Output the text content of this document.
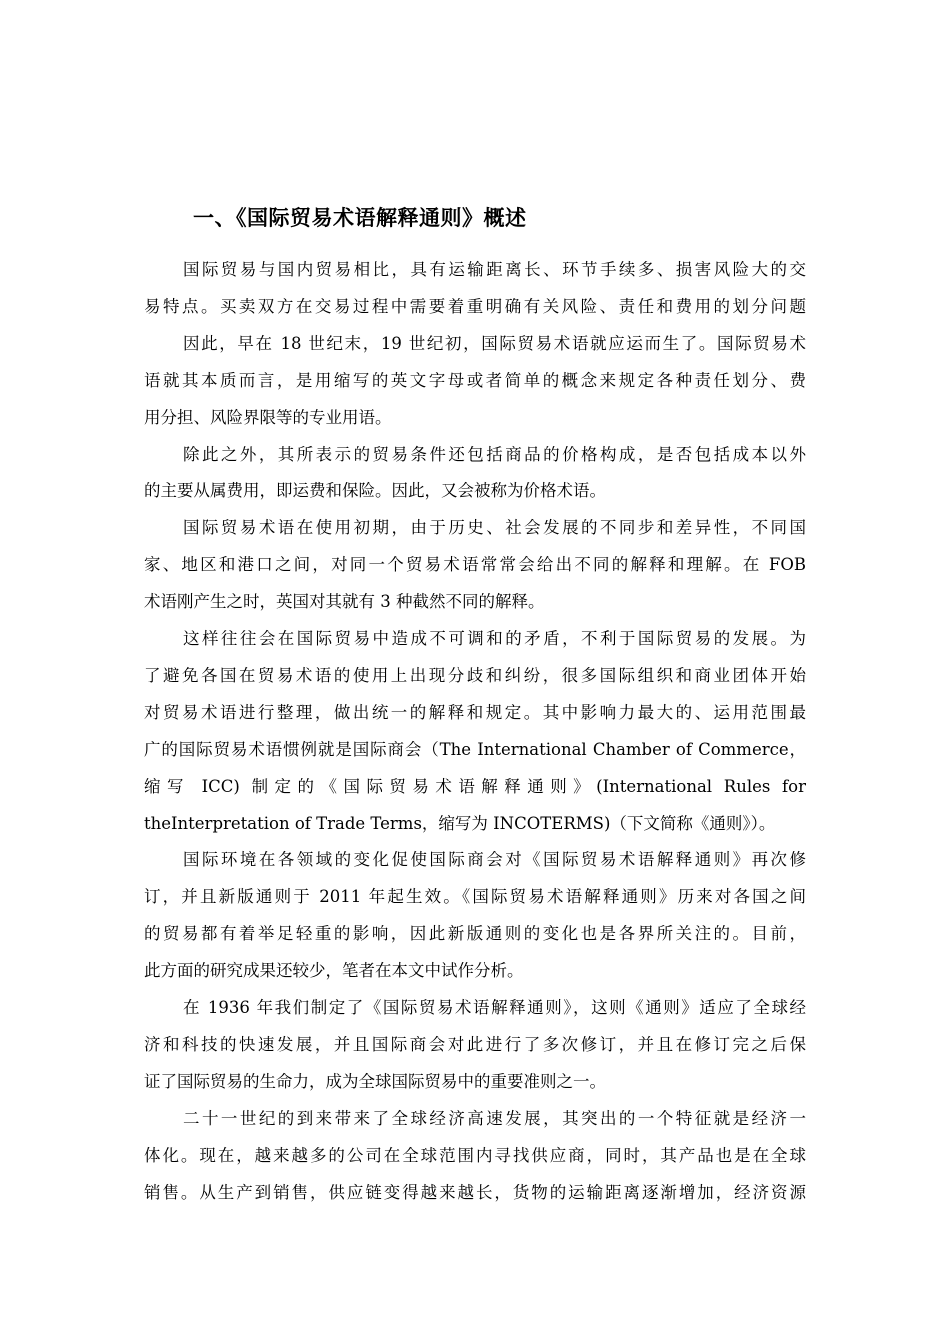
一、《国际贸易术语解释通则》概述
国际贸易与国内贸易相比，具有运输距离长、环节手续多、损害风险大的交
易特点。买卖双方在交易过程中需要着重明确有关风险、责任和费用的划分问题
因此，早在 18 世纪末，19 世纪初，国际贸易术语就应运而生了。国际贸易术
语就其本质而言，是用缩写的英文字母或者简单的概念来规定各种责任划分、费
用分担、风险界限等的专业用语。
除此之外，其所表示的贸易条件还包括商品的价格构成，是否包括成本以外
的主要从属费用，即运费和保险。因此，又会被称为价格术语。
国际贸易术语在使用初期，由于历史、社会发展的不同步和差异性，不同国
家、地区和港口之间，对同一个贸易术语常常会给出不同的解释和理解。在 FOB
术语刚产生之时，英国对其就有 3 种截然不同的解释。
这样往往会在国际贸易中造成不可调和的矛盾，不利于国际贸易的发展。为
了避免各国在贸易术语的使用上出现分歧和纠纷，很多国际组织和商业团体开始
对贸易术语进行整理，做出统一的解释和规定。其中影响力最大的、运用范围最
广的国际贸易术语惯例就是国际商会（The International Chamber of Commerce，
缩写 ICC) 制定的《国际贸易术语解释通则》(International Rules for
theInterpretation of Trade Terms，缩写为 INCOTERMS)（下文简称《通则》）。
国际环境在各领域的变化促使国际商会对《国际贸易术语解释通则》再次修
订，并且新版通则于 2011 年起生效。《国际贸易术语解释通则》历来对各国之间
的贸易都有着举足轻重的影响，因此新版通则的变化也是各界所关注的。目前，
此方面的研究成果还较少，笔者在本文中试作分析。
在 1936 年我们制定了《国际贸易术语解释通则》，这则《通则》适应了全球经
济和科技的快速发展，并且国际商会对此进行了多次修订，并且在修订完之后保
证了国际贸易的生命力，成为全球国际贸易中的重要准则之一。
二十一世纪的到来带来了全球经济高速发展，其突出的一个特征就是经济一
体化。现在，越来越多的公司在全球范围内寻找供应商，同时，其产品也是在全球
销售。从生产到销售，供应链变得越来越长，货物的运输距离逐渐增加，经济资源
